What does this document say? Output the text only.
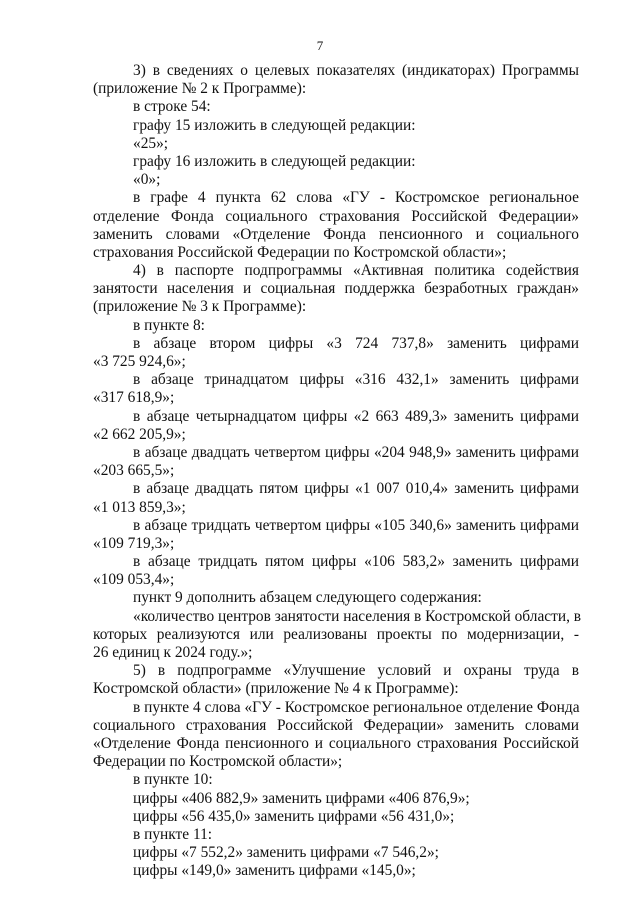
7
3) в сведениях о целевых показателях (индикаторах) Программы
(приложение № 2 к Программе):
в строке 54:
графу 15 изложить в следующей редакции:
«25»;
графу 16 изложить в следующей редакции:
«0»;
в графе 4 пункта 62 слова «ГУ - Костромское региональное
отделение Фонда социального страхования Российской Федерации»
заменить словами «Отделение Фонда пенсионного и социального
страхования Российской Федерации по Костромской области»;
4) в паспорте подпрограммы «Активная политика содействия
занятости населения и социальная поддержка безработных граждан»
(приложение № 3 к Программе):
в пункте 8:
в абзаце втором цифры «3 724 737,8» заменить цифрами
«3 725 924,6»;
в абзаце тринадцатом цифры «316 432,1» заменить цифрами
«317 618,9»;
в абзаце четырнадцатом цифры «2 663 489,3» заменить цифрами
«2 662 205,9»;
в абзаце двадцать четвертом цифры «204 948,9» заменить цифрами
«203 665,5»;
в абзаце двадцать пятом цифры «1 007 010,4» заменить цифрами
«1 013 859,3»;
в абзаце тридцать четвертом цифры «105 340,6» заменить цифрами
«109 719,3»;
в абзаце тридцать пятом цифры «106 583,2» заменить цифрами
«109 053,4»;
пункт 9 дополнить абзацем следующего содержания:
«количество центров занятости населения в Костромской области, в
которых реализуются или реализованы проекты по модернизации, -
26 единиц к 2024 году.»;
5) в подпрограмме «Улучшение условий и охраны труда в
Костромской области» (приложение № 4 к Программе):
в пункте 4 слова «ГУ - Костромское региональное отделение Фонда
социального страхования Российской Федерации» заменить словами
«Отделение Фонда пенсионного и социального страхования Российской
Федерации по Костромской области»;
в пункте 10:
цифры «406 882,9» заменить цифрами «406 876,9»;
цифры «56 435,0» заменить цифрами «56 431,0»;
в пункте 11:
цифры «7 552,2» заменить цифрами «7 546,2»;
цифры «149,0» заменить цифрами «145,0»;
